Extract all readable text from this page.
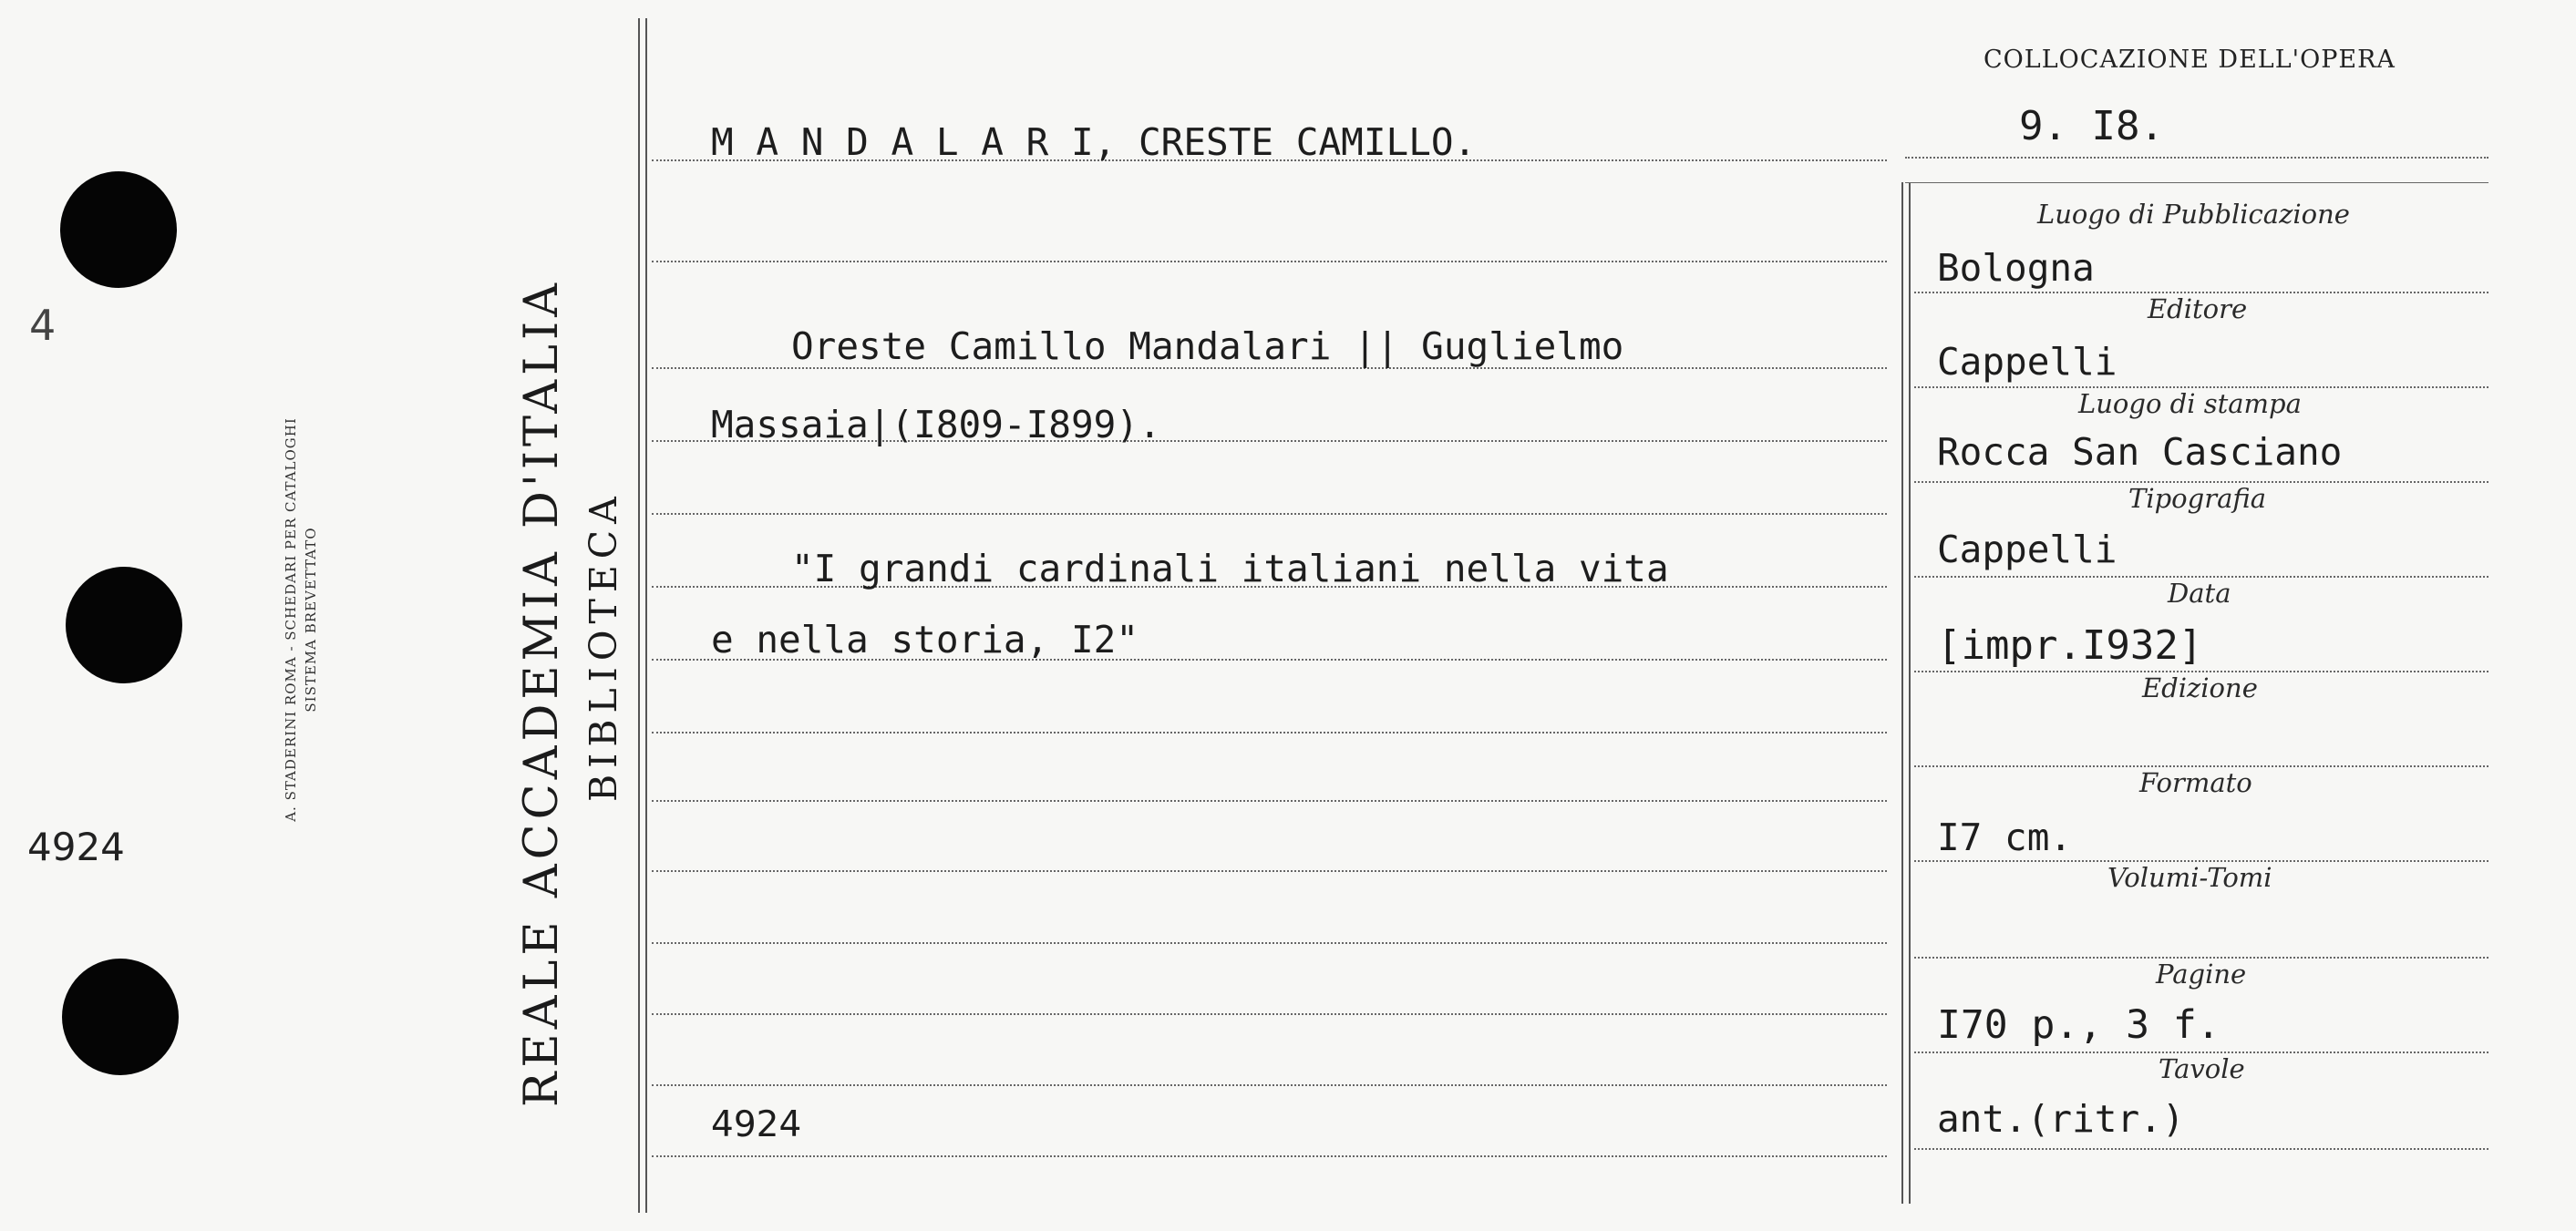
4
4924
A. STADERINI ROMA - SCHEDARI PER CATALOGHI SISTEMA BREVETTATO	REALE ACCADEMIA D'ITALIA BIBLIOTECA
M A N D A L A R I, CRESTE CAMILLO.
Oreste Camillo Mandalari || Guglielmo
Massaia|(I809-I899).
"I grandi cardinali italiani nella vita
e nella storia, I2"
4924
COLLOCAZIONE DELL'OPERA
9. I8.
Luogo di Pubblicazione
Bologna
Editore
Cappelli
Luogo di stampa
Rocca San Casciano
Tipografia
Cappelli
Data
[impr.I932]
Edizione
Formato
I7 cm.
Volumi-Tomi
Pagine
I70 p., 3 f.
Tavole
ant.(ritr.)
